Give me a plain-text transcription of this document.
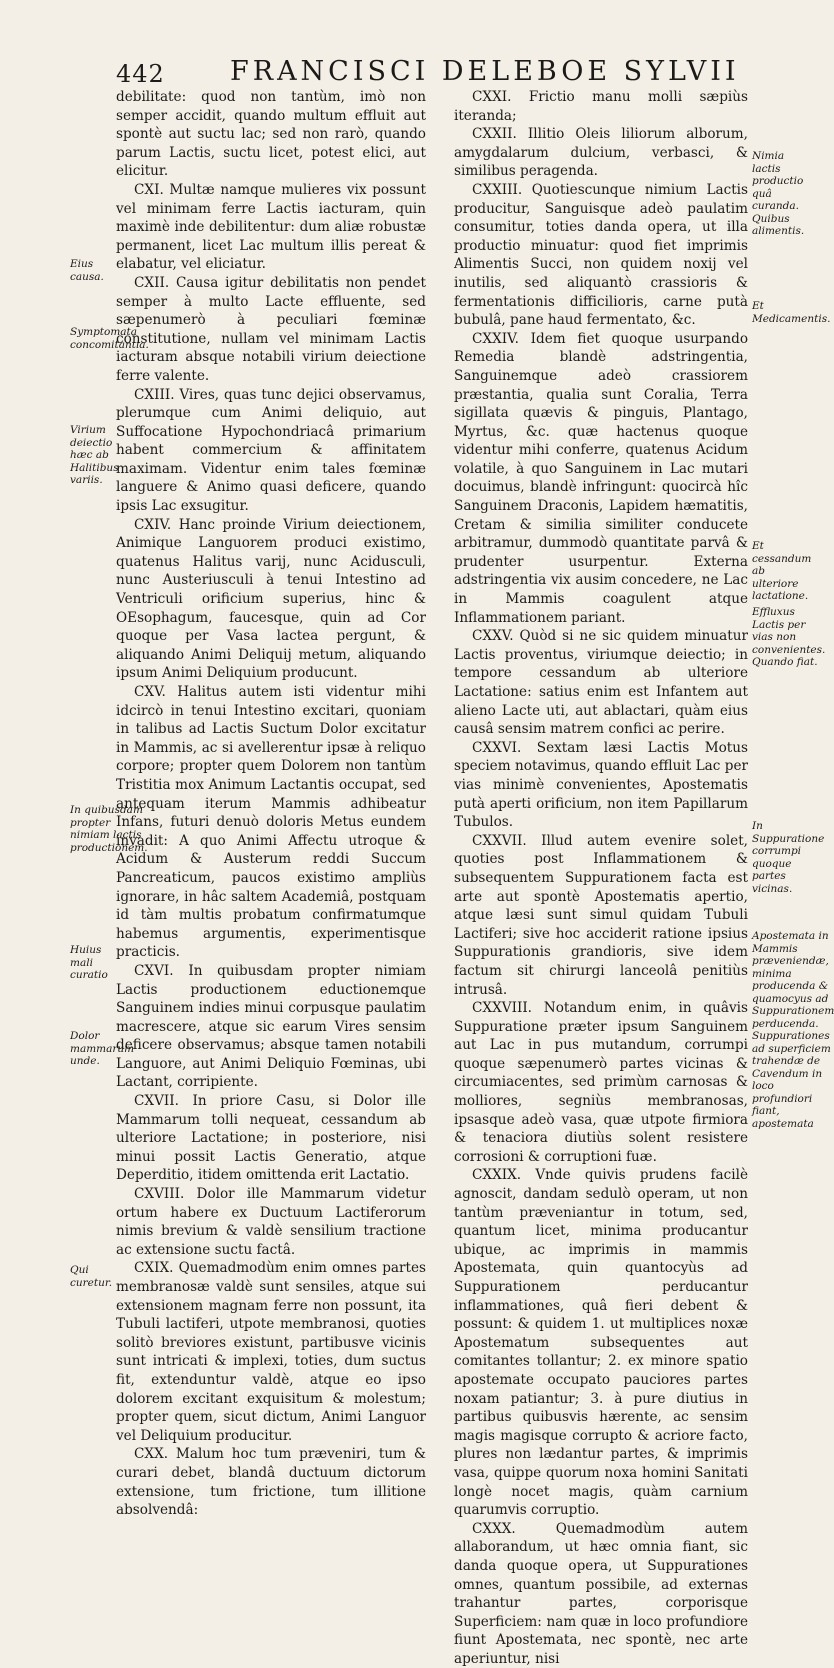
442 FRANCISCI DELEBOE SYLVII

debilitate: quod non tantùm, imò non semper accidit, quando multum effluit aut spontè aut suctu lac; sed non rarò, quando parum Lactis, suctu licet, potest elici, aut elicitur.

CXI. Multæ namque mulieres vix possunt vel minimam ferre Lactis iacturam, quin maximè inde debilitentur: dum aliæ robustæ permanent, licet Lac multum illis pereat & elabatur, vel eliciatur.

CXII. Causa igitur debilitatis non pendet semper à multo Lacte effluente, sed sæpenumerò à peculiari fœminæ constitutione, nullam vel minimam Lactis iacturam absque notabili virium deiectione ferre valente.

CXIII. Vires, quas tunc dejici observamus, plerumque cum Animi deliquio, aut Suffocatione Hypochondriacâ primarium habent commercium & affinitatem maximam. Videntur enim tales fœminæ languere & Animo quasi deficere, quando ipsis Lac exsugitur.

CXIV. Hanc proinde Virium deiectionem, Animique Languorem produci existimo, quatenus Halitus varij, nunc Acidusculi, nunc Austeriusculi à tenui Intestino ad Ventriculi orificium superius, hinc & OEsophagum, faucesque, quin ad Cor quoque per Vasa lactea pergunt, & aliquando Animi Deliquij metum, aliquando ipsum Animi Deliquium producunt.

CXV. Halitus autem isti videntur mihi idcircò in tenui Intestino excitari, quoniam in talibus ad Lactis Suctum Dolor excitatur in Mammis, ac si avellerentur ipsæ à reliquo corpore; propter quem Dolorem non tantùm Tristitia mox Animum Lactantis occupat, sed antequam iterum Mammis adhibeatur Infans, futuri denuò doloris Metus eundem invadit: A quo Animi Affectu utroque & Acidum & Austerum reddi Succum Pancreaticum, paucos existimo ampliùs ignorare, in hâc saltem Academiâ, postquam id tàm multis probatum confirmatumque habemus argumentis, experimentisque practicis.

CXVI. In quibusdam propter nimiam Lactis productionem eductionemque Sanguinem indies minui corpusque paulatim macrescere, atque sic earum Vires sensim deficere observamus; absque tamen notabili Languore, aut Animi Deliquio Fœminas, ubi Lactant, corripiente.

CXVII. In priore Casu, si Dolor ille Mammarum tolli nequeat, cessandum ab ulteriore Lactatione; in posteriore, nisi minui possit Lactis Generatio, atque Deperditio, itidem omittenda erit Lactatio.

CXVIII. Dolor ille Mammarum videtur ortum habere ex Ductuum Lactiferorum nimis brevium & valdè sensilium tractione ac extensione suctu factâ.

CXIX. Quemadmodùm enim omnes partes membranosæ valdè sunt sensiles, atque sui extensionem magnam ferre non possunt, ita Tubuli lactiferi, utpote membranosi, quoties solitò breviores existunt, partibusve vicinis sunt intricati & implexi, toties, dum suctus fit, extenduntur valdè, atque eo ipso dolorem excitant exquisitum & molestum; propter quem, sicut dictum, Animi Languor vel Deliquium producitur.

CXX. Malum hoc tum præveniri, tum & curari debet, blandâ ductuum dictorum extensione, tum frictione, tum illitione absolvendâ:

CXXI. Frictio manu molli sæpiùs iteranda;

CXXII. Illitio Oleis liliorum alborum, amygdalarum dulcium, verbasci, & similibus peragenda.

CXXIII. Quotiescunque nimium Lactis producitur, Sanguisque adeò paulatim consumitur, toties danda opera, ut illa productio minuatur: quod fiet imprimis Alimentis Succi, non quidem noxij vel inutilis, sed aliquantò crassioris & fermentationis difficilioris, carne putà bubulâ, pane haud fermentato, &c.

CXXIV. Idem fiet quoque usurpando Remedia blandè adstringentia, Sanguinemque adeò crassiorem præstantia, qualia sunt Coralia, Terra sigillata quævis & pinguis, Plantago, Myrtus, &c. quæ hactenus quoque videntur mihi conferre, quatenus Acidum volatile, à quo Sanguinem in Lac mutari docuimus, blandè infringunt: quocircà hîc Sanguinem Draconis, Lapidem hæmatitis, Cretam & similia similiter conducete arbitramur, dummodò quantitate parvâ & prudenter usurpentur. Externa adstringentia vix ausim concedere, ne Lac in Mammis coagulent atque Inflammationem pariant.

CXXV. Quòd si ne sic quidem minuatur Lactis proventus, viriumque deiectio; in tempore cessandum ab ulteriore Lactatione: satius enim est Infantem aut alieno Lacte uti, aut ablactari, quàm eius causâ sensim matrem confici ac perire.

CXXVI. Sextam læsi Lactis Motus speciem notavimus, quando effluit Lac per vias minimè convenientes, Apostematis putà aperti orificium, non item Papillarum Tubulos.

CXXVII. Illud autem evenire solet, quoties post Inflammationem & subsequentem Suppurationem facta est arte aut spontè Apostematis apertio, atque læsi sunt simul quidam Tubuli Lactiferi; sive hoc acciderit ratione ipsius Suppurationis grandioris, sive idem factum sit chirurgi lanceolâ penitiùs intrusâ.

CXXVIII. Notandum enim, in quâvis Suppuratione præter ipsum Sanguinem aut Lac in pus mutandum, corrumpi quoque sæpenumerò partes vicinas & circumiacentes, sed primùm carnosas & molliores, segniùs membranosas, ipsasque adeò vasa, quæ utpote firmiora & tenaciora diutiùs solent resistere corrosioni & corruptioni fuæ.

CXXIX. Vnde quivis prudens facilè agnoscit, dandam sedulò operam, ut non tantùm præveniantur in totum, sed, quantum licet, minima producantur ubique, ac imprimis in mammis Apostemata, quin quantocyùs ad Suppurationem perducantur inflammationes, quâ fieri debent & possunt: & quidem 1. ut multiplices noxæ Apostematum subsequentes aut comitantes tollantur; 2. ex minore spatio apostemate occupato pauciores partes noxam patiantur; 3. à pure diutius in partibus quibusvis hærente, ac sensim magis magisque corrupto & acriore facto, plures non lædantur partes, & imprimis vasa, quippe quorum noxa homini Sanitati longè nocet magis, quàm carnium quarumvis corruptio.

CXXX. Quemadmodùm autem allaborandum, ut hæc omnia fiant, sic danda quoque opera, ut Suppurationes omnes, quantum possibile, ad externas trahantur partes, corporisque Superficiem: nam quæ in loco profundiore fiunt Apostemata, nec spontè, nec arte aperiuntur, nisi

Eius causa.
Symptomata concomitantia.
Virium deiectio hæc ab Halitibus variis.
In quibusdam propter nimiam lactis productionem.
Huius mali curatio
Dolor mammarum unde.
Qui curetur.
Nimia lactis productio quâ curanda. Quibus alimentis.
Et Medicamentis.
Et cessandum ab ulteriore lactatione.
Effluxus Lactis per vias non convenientes. Quando fiat.
In Suppuratione corrumpi quoque partes vicinas.
Apostemata in Mammis præveniendæ, minima producenda & quamocyus ad Suppurationem perducenda. Suppurationes ad superficiem trahendæ de Cavendum in loco profundiori fiant, apostemata
